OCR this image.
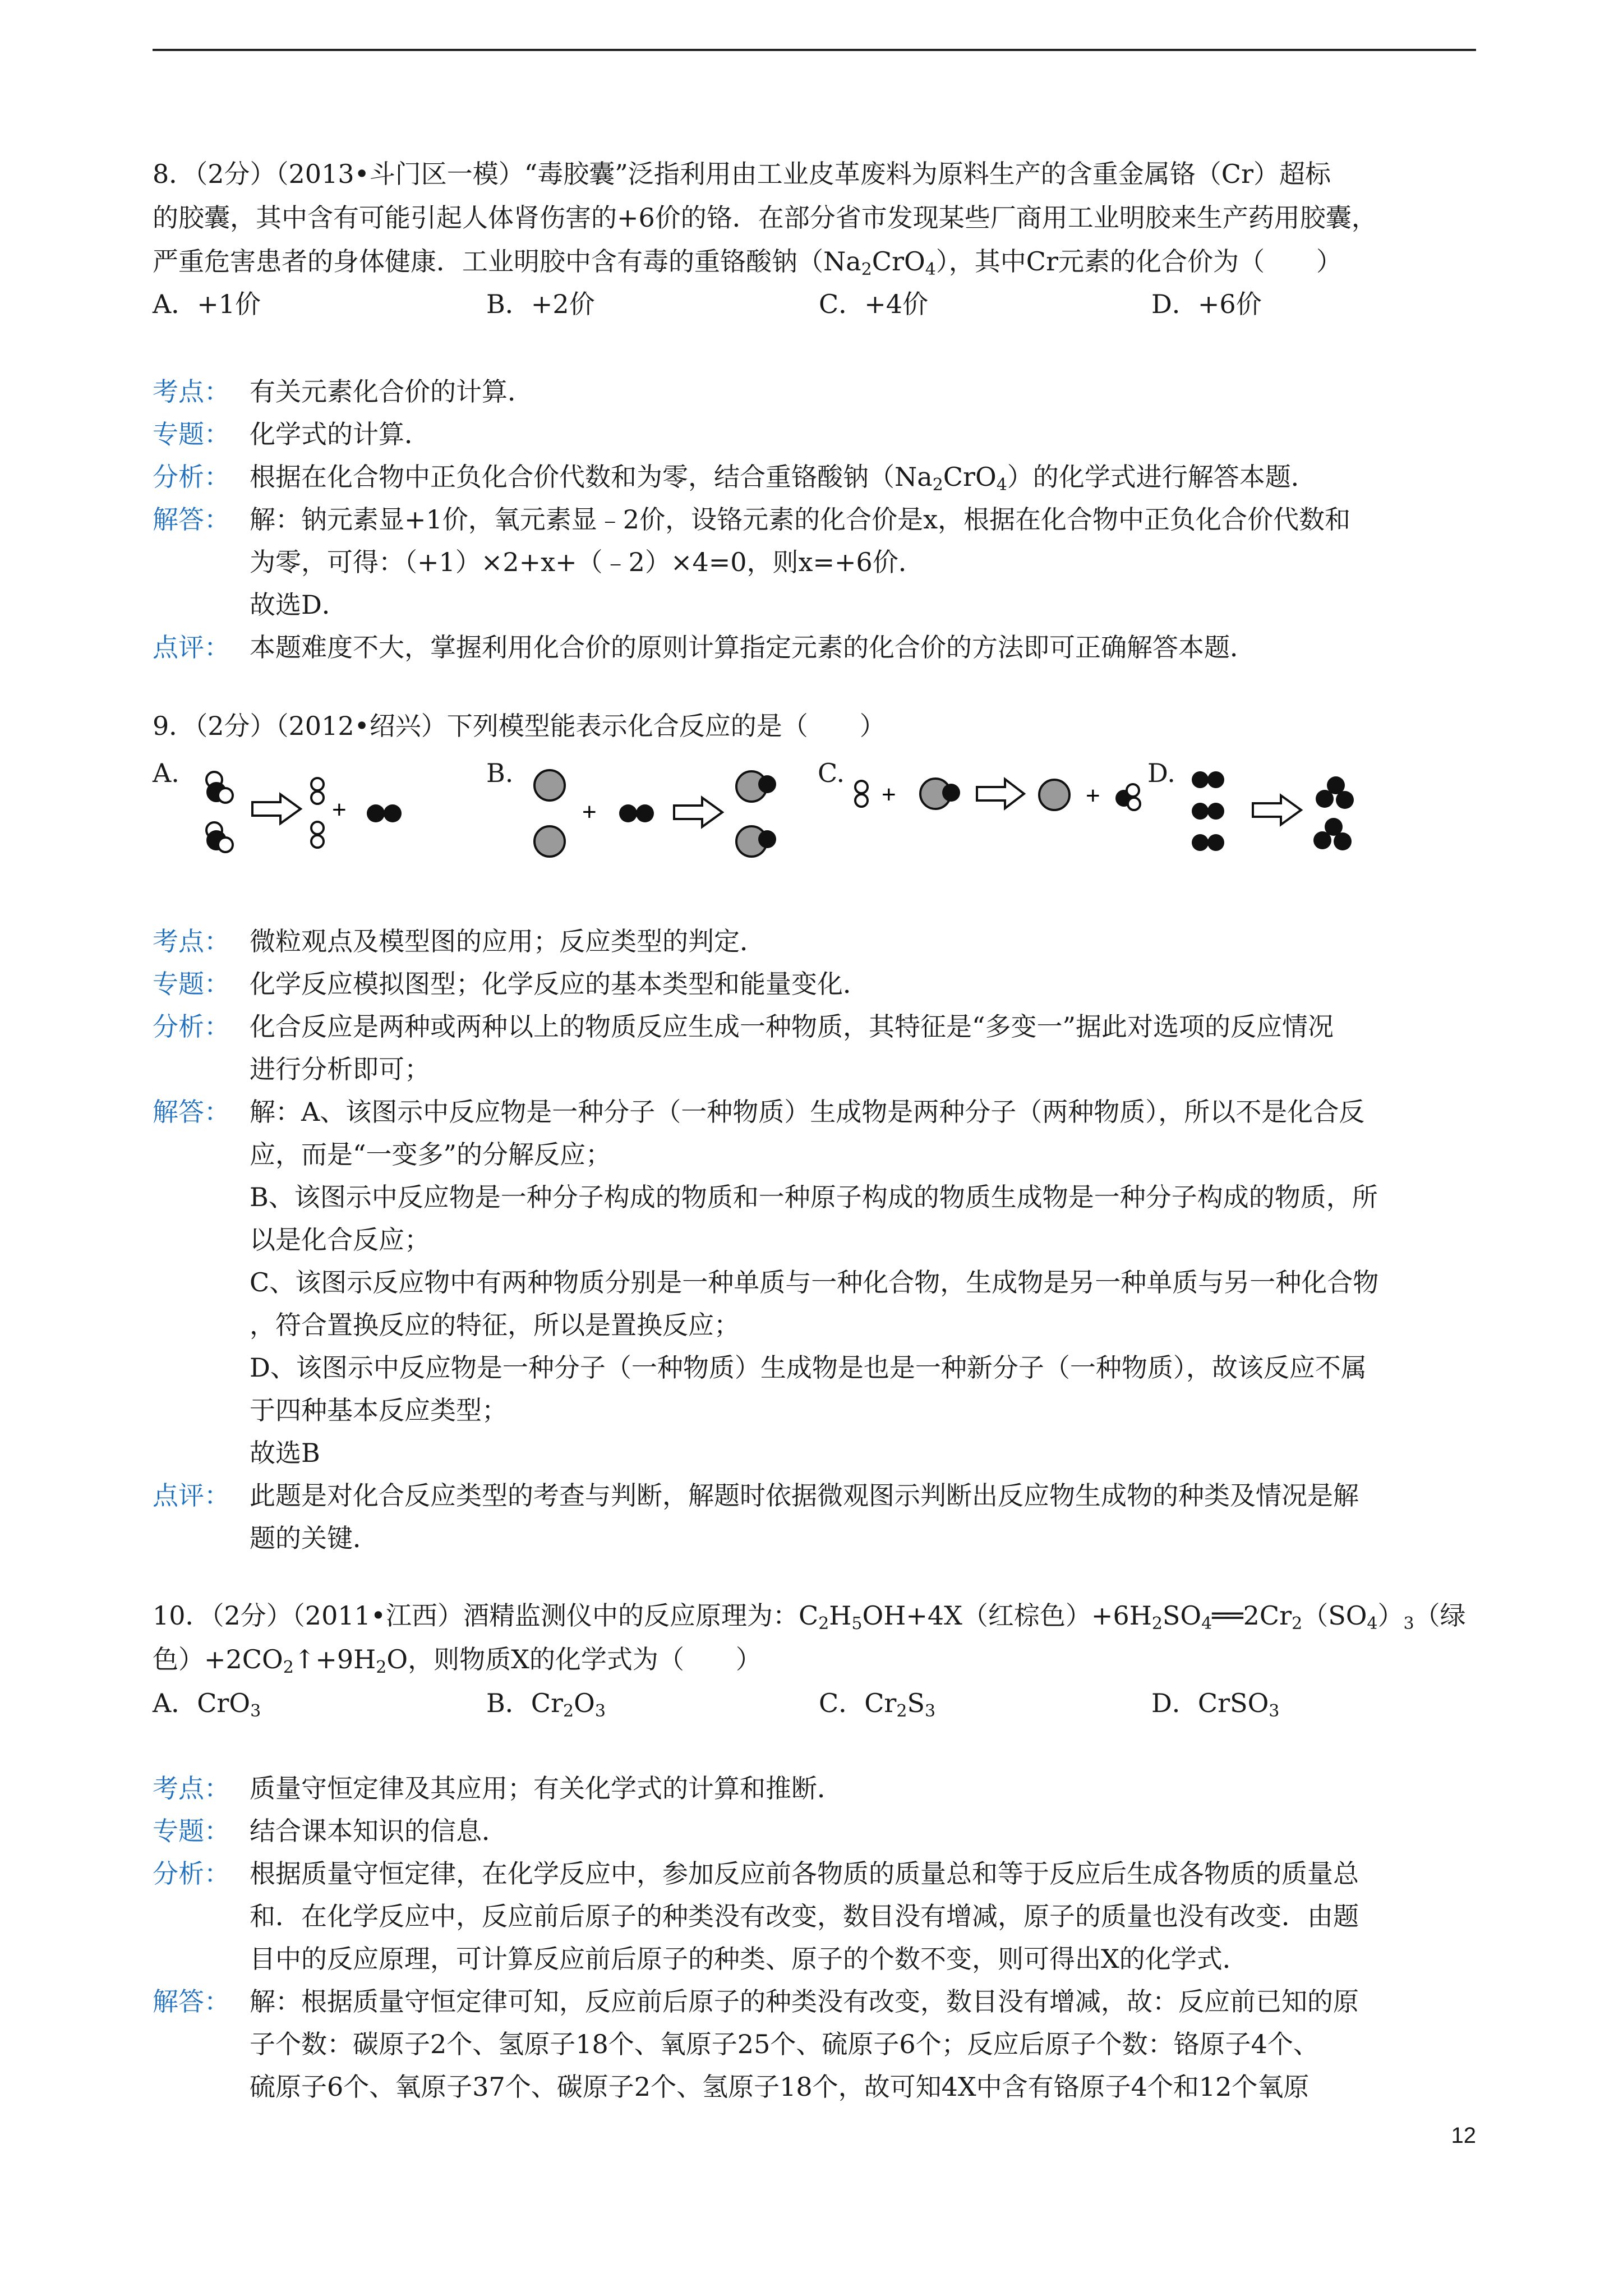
8．（2分）（2013•斗门区一模）“毒胶囊”泛指利用由工业皮革废料为原料生产的含重金属铬（Cr）超标
的胶囊，其中含有可能引起人体肾伤害的+6价的铬．在部分省市发现某些厂商用工业明胶来生产药用胶囊，
严重危害患者的身体健康．工业明胶中含有毒的重铬酸钠$(Na_2CrO_4)$，其中Cr元素的化合价为（　　）
A．+1价	B．+2价	C．+4价	D．+6价
考点： 有关元素化合价的计算．
专题： 化学式的计算．
分析： 根据在化合物中正负化合价代数和为零，结合重铬酸钠$(Na_2CrO_4)$的化学式进行解答本题．
解答： 解：钠元素显+1价，氧元素显﹣2价，设铬元素的化合价是x，根据在化合物中正负化合价代数和
为零，可得：（+1）×2+x+（﹣2）×4=0，则x=+6价．
故选D．
点评： 本题难度不大，掌握利用化合价的原则计算指定元素的化合价的方法即可正确解答本题．
9．（2分）（2012•绍兴）下列模型能表示化合反应的是（　　）
A.	B.	C.	D.
+	+
+	+
考点： 微粒观点及模型图的应用；反应类型的判定．
专题： 化学反应模拟图型；化学反应的基本类型和能量变化．
分析： 化合反应是两种或两种以上的物质反应生成一种物质，其特征是“多变一”据此对选项的反应情况
进行分析即可；
解答： 解：A、该图示中反应物是一种分子（一种物质）生成物是两种分子（两种物质），所以不是化合反
应，而是“一变多”的分解反应；
B、该图示中反应物是一种分子构成的物质和一种原子构成的物质生成物是一种分子构成的物质，所
以是化合反应；
C、该图示反应物中有两种物质分别是一种单质与一种化合物，生成物是另一种单质与另一种化合物
，符合置换反应的特征，所以是置换反应；
D、该图示中反应物是一种分子（一种物质）生成物是也是一种新分子（一种物质），故该反应不属
于四种基本反应类型；
故选B
点评： 此题是对化合反应类型的考查与判断，解题时依据微观图示判断出反应物生成物的种类及情况是解
题的关键．
10．（2分）（2011•江西）酒精监测仪中的反应原理为：$C_2H_5OH+4X$（红棕色）$+6H_2SO_4══2Cr_2(SO_4)_3$（绿
色）$+2CO_2↑+9H_2O$，则物质X的化学式为（　　）
A．CrO$_3$	B．$Cr_2O_3$	C．$Cr_2S_3$	D．CrSO$_3$
考点： 质量守恒定律及其应用；有关化学式的计算和推断．
专题： 结合课本知识的信息．
分析： 根据质量守恒定律，在化学反应中，参加反应前各物质的质量总和等于反应后生成各物质的质量总
和．在化学反应中，反应前后原子的种类没有改变，数目没有增减，原子的质量也没有改变．由题
目中的反应原理，可计算反应前后原子的种类、原子的个数不变，则可得出X的化学式．
解答： 解：根据质量守恒定律可知，反应前后原子的种类没有改变，数目没有增减，故：反应前已知的原
子个数：碳原子2个、氢原子18个、氧原子25个、硫原子6个；反应后原子个数：铬原子4个、
硫原子6个、氧原子37个、碳原子2个、氢原子18个，故可知4X中含有铬原子4个和12个氧原
12
